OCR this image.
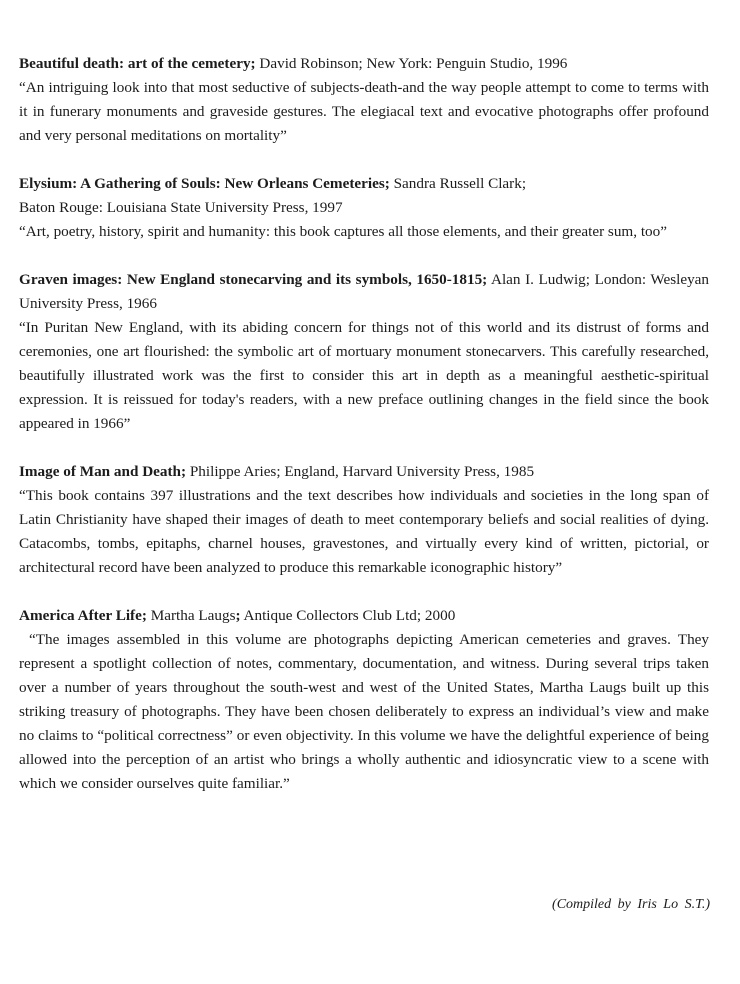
Beautiful death: art of the cemetery; David Robinson; New York: Penguin Studio, 1996

“An intriguing look into that most seductive of subjects-death-and the way people attempt to come to terms with it in funerary monuments and graveside gestures. The elegiacal text and evocative photographs offer profound and very personal meditations on mortality”

Elysium: A Gathering of Souls: New Orleans Cemeteries; Sandra Russell Clark;

Baton Rouge: Louisiana State University Press, 1997

“Art, poetry, history, spirit and humanity: this book captures all those elements, and their greater sum, too”

Graven images: New England stonecarving and its symbols, 1650-1815; Alan I. Ludwig; London: Wesleyan University Press, 1966

“In Puritan New England, with its abiding concern for things not of this world and its distrust of forms and ceremonies, one art flourished: the symbolic art of mortuary monument stonecarvers. This carefully researched, beautifully illustrated work was the first to consider this art in depth as a meaningful aesthetic-spiritual expression. It is reissued for today's readers, with a new preface outlining changes in the field since the book appeared in 1966”

Image of Man and Death; Philippe Aries; England, Harvard University Press, 1985

“This book contains 397 illustrations and the text describes how individuals and societies in the long span of Latin Christianity have shaped their images of death to meet contemporary beliefs and social realities of dying. Catacombs, tombs, epitaphs, charnel houses, gravestones, and virtually every kind of written, pictorial, or architectural record have been analyzed to produce this remarkable iconographic history”

America After Life; Martha Laugs; Antique Collectors Club Ltd; 2000

“The images assembled in this volume are photographs depicting American cemeteries and graves. They represent a spotlight collection of notes, commentary, documentation, and witness. During several trips taken over a number of years throughout the south-west and west of the United States, Martha Laugs built up this striking treasury of photographs. They have been chosen deliberately to express an individual’s view and make no claims to “political correctness” or even objectivity. In this volume we have the delightful experience of being allowed into the perception of an artist who brings a wholly authentic and idiosyncratic view to a scene with which we consider ourselves quite familiar.”

(Compiled by Iris Lo S.T.)
